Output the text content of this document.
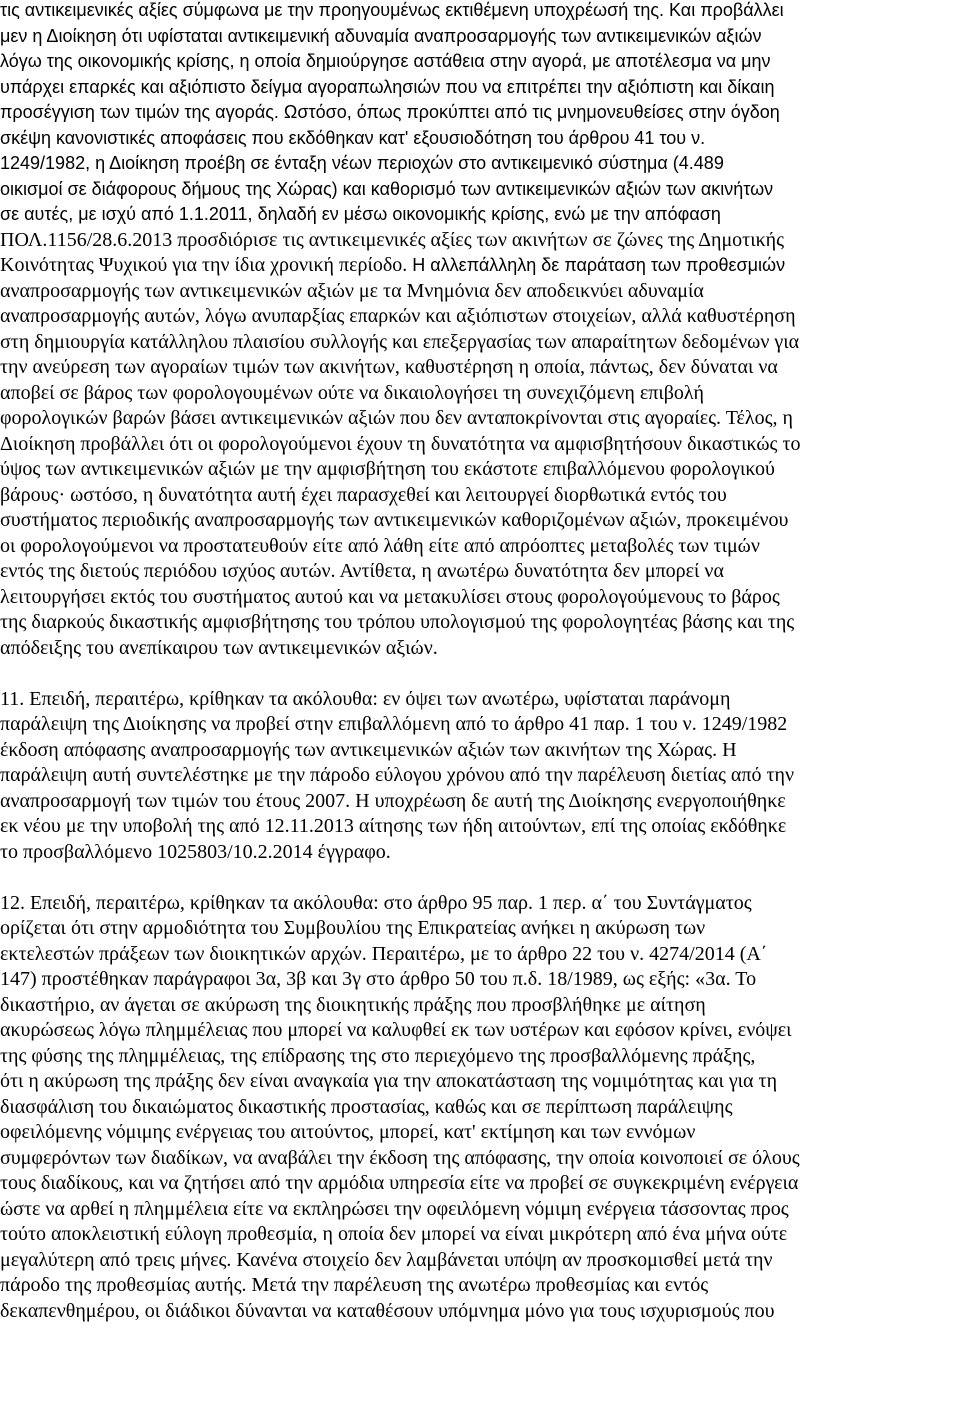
τις αντικειμενικές αξίες σύμφωνα με την προηγουμένως εκτιθέμενη υποχρέωσή της. Και προβάλλει
μεν η Διοίκηση ότι υφίσταται αντικειμενική αδυναμία αναπροσαρμογής των αντικειμενικών αξιών
λόγω της οικονομικής κρίσης, η οποία δημιούργησε αστάθεια στην αγορά, με αποτέλεσμα να μην
υπάρχει επαρκές και αξιόπιστο δείγμα αγοραπωλησιών που να επιτρέπει την αξιόπιστη και δίκαιη
προσέγγιση των τιμών της αγοράς. Ωστόσο, όπως προκύπτει από τις μνημονευθείσες στην όγδοη
σκέψη κανονιστικές αποφάσεις που εκδόθηκαν κατ' εξουσιοδότηση του άρθρου 41 του ν.
1249/1982, η Διοίκηση προέβη σε ένταξη νέων περιοχών στο αντικειμενικό σύστημα (4.489
οικισμοί σε διάφορους δήμους της Χώρας) και καθορισμό των αντικειμενικών αξιών των ακινήτων
σε αυτές, με ισχύ από 1.1.2011, δηλαδή εν μέσω οικονομικής κρίσης, ενώ με την απόφαση
ΠΟΛ.1156/28.6.2013 προσδιόρισε τις αντικειμενικές αξίες των ακινήτων σε ζώνες της Δημοτικής
Κοινότητας Ψυχικού για την ίδια χρονική περίοδο. Η αλλεπάλληλη δε παράταση των προθεσμιών
αναπροσαρμογής των αντικειμενικών αξιών με τα Μνημόνια δεν αποδεικνύει αδυναμία
αναπροσαρμογής αυτών, λόγω ανυπαρξίας επαρκών και αξιόπιστων στοιχείων, αλλά καθυστέρηση
στη δημιουργία κατάλληλου πλαισίου συλλογής και επεξεργασίας των απαραίτητων δεδομένων για
την ανεύρεση των αγοραίων τιμών των ακινήτων, καθυστέρηση η οποία, πάντως, δεν δύναται να
αποβεί σε βάρος των φορολογουμένων ούτε να δικαιολογήσει τη συνεχιζόμενη επιβολή
φορολογικών βαρών βάσει αντικειμενικών αξιών που δεν ανταποκρίνονται στις αγοραίες. Τέλος, η
Διοίκηση προβάλλει ότι οι φορολογούμενοι έχουν τη δυνατότητα να αμφισβητήσουν δικαστικώς το
ύψος των αντικειμενικών αξιών με την αμφισβήτηση του εκάστοτε επιβαλλόμενου φορολογικού
βάρους· ωστόσο, η δυνατότητα αυτή έχει παρασχεθεί και λειτουργεί διορθωτικά εντός του
συστήματος περιοδικής αναπροσαρμογής των αντικειμενικών καθοριζομένων αξιών, προκειμένου
οι φορολογούμενοι να προστατευθούν είτε από λάθη είτε από απρόοπτες μεταβολές των τιμών
εντός της διετούς περιόδου ισχύος αυτών. Αντίθετα, η ανωτέρω δυνατότητα δεν μπορεί να
λειτουργήσει εκτός του συστήματος αυτού και να μετακυλίσει στους φορολογούμενους το βάρος
της διαρκούς δικαστικής αμφισβήτησης του τρόπου υπολογισμού της φορολογητέας βάσης και της
απόδειξης του ανεπίκαιρου των αντικειμενικών αξιών.
11. Επειδή, περαιτέρω, κρίθηκαν τα ακόλουθα: εν όψει των ανωτέρω, υφίσταται παράνομη
παράλειψη της Διοίκησης να προβεί στην επιβαλλόμενη από το άρθρο 41 παρ. 1 του ν. 1249/1982
έκδοση απόφασης αναπροσαρμογής των αντικειμενικών αξιών των ακινήτων της Χώρας. Η
παράλειψη αυτή συντελέστηκε με την πάροδο εύλογου χρόνου από την παρέλευση διετίας από την
αναπροσαρμογή των τιμών του έτους 2007. Η υποχρέωση δε αυτή της Διοίκησης ενεργοποιήθηκε
εκ νέου με την υποβολή της από 12.11.2013 αίτησης των ήδη αιτούντων, επί της οποίας εκδόθηκε
το προσβαλλόμενο 1025803/10.2.2014 έγγραφο.
12. Επειδή, περαιτέρω, κρίθηκαν τα ακόλουθα: στο άρθρο 95 παρ. 1 περ. α΄ του Συντάγματος
ορίζεται ότι στην αρμοδιότητα του Συμβουλίου της Επικρατείας ανήκει η ακύρωση των
εκτελεστών πράξεων των διοικητικών αρχών. Περαιτέρω, με το άρθρο 22 του ν. 4274/2014 (Α΄
147) προστέθηκαν παράγραφοι 3α, 3β και 3γ στο άρθρο 50 του π.δ. 18/1989, ως εξής: «3α. Το
δικαστήριο, αν άγεται σε ακύρωση της διοικητικής πράξης που προσβλήθηκε με αίτηση
ακυρώσεως λόγω πλημμέλειας που μπορεί να καλυφθεί εκ των υστέρων και εφόσον κρίνει, ενόψει
της φύσης της πλημμέλειας, της επίδρασης της στο περιεχόμενο της προσβαλλόμενης πράξης,
ότι η ακύρωση της πράξης δεν είναι αναγκαία για την αποκατάσταση της νομιμότητας και για τη
διασφάλιση του δικαιώματος δικαστικής προστασίας, καθώς και σε περίπτωση παράλειψης
οφειλόμενης νόμιμης ενέργειας του αιτούντος, μπορεί, κατ' εκτίμηση και των εννόμων
συμφερόντων των διαδίκων, να αναβάλει την έκδοση της απόφασης, την οποία κοινοποιεί σε όλους
τους διαδίκους, και να ζητήσει από την αρμόδια υπηρεσία είτε να προβεί σε συγκεκριμένη ενέργεια
ώστε να αρθεί η πλημμέλεια είτε να εκπληρώσει την οφειλόμενη νόμιμη ενέργεια τάσσοντας προς
τούτο αποκλειστική εύλογη προθεσμία, η οποία δεν μπορεί να είναι μικρότερη από ένα μήνα ούτε
μεγαλύτερη από τρεις μήνες. Κανένα στοιχείο δεν λαμβάνεται υπόψη αν προσκομισθεί μετά την
πάροδο της προθεσμίας αυτής. Μετά την παρέλευση της ανωτέρω προθεσμίας και εντός
δεκαπενθημέρου, οι διάδικοι δύνανται να καταθέσουν υπόμνημα μόνο για τους ισχυρισμούς που
